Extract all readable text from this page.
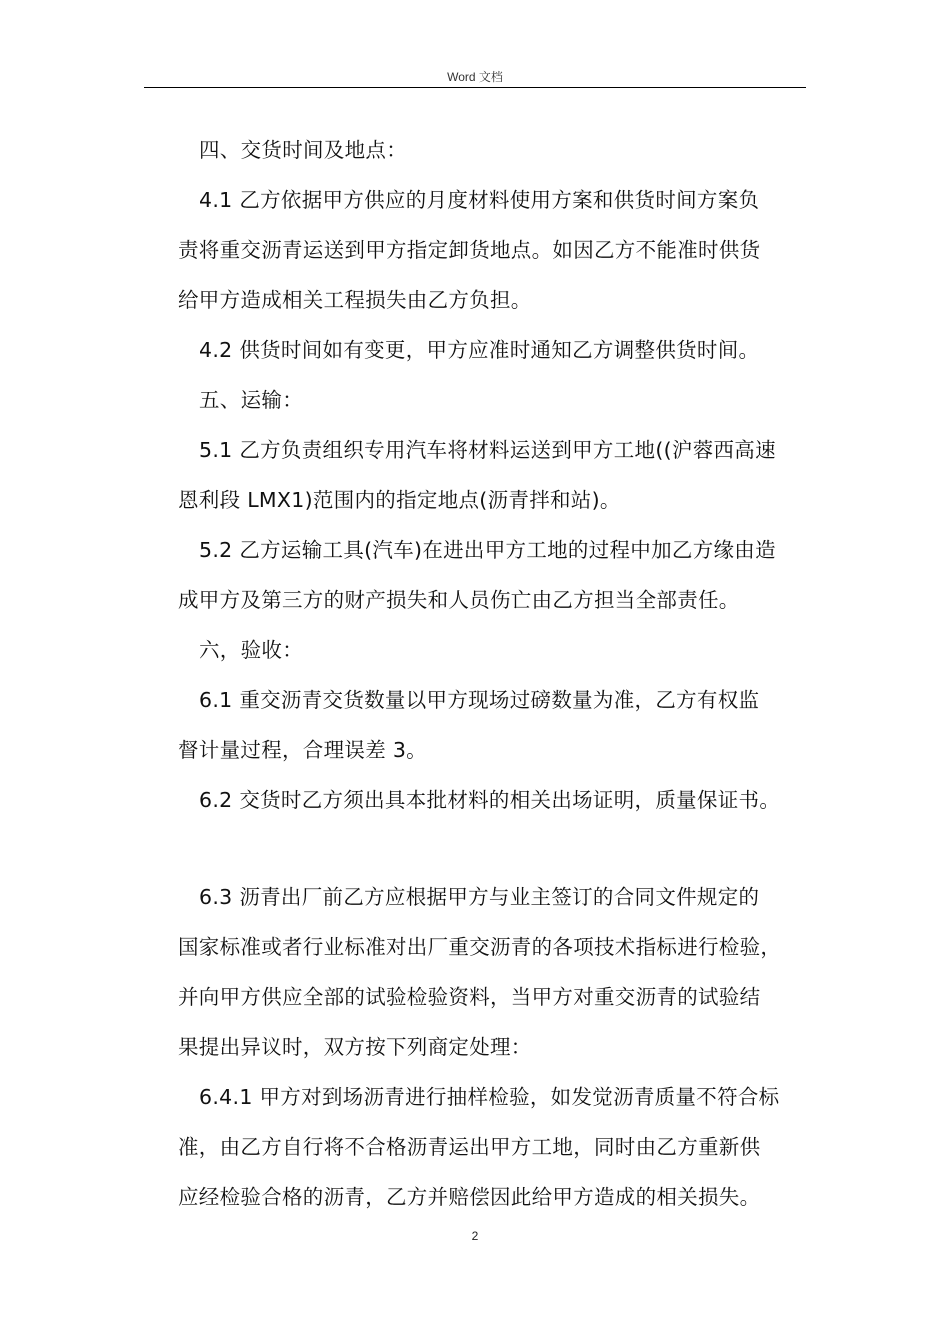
Word 文档
四、交货时间及地点：
4.1 乙方依据甲方供应的月度材料使用方案和供货时间方案负
责将重交沥青运送到甲方指定卸货地点。如因乙方不能准时供货
给甲方造成相关工程损失由乙方负担。
4.2 供货时间如有变更，甲方应准时通知乙方调整供货时间。
五、运输：
5.1 乙方负责组织专用汽车将材料运送到甲方工地((沪蓉西高速
恩利段 LMX1)范围内的指定地点(沥青拌和站)。
5.2 乙方运输工具(汽车)在进出甲方工地的过程中加乙方缘由造
成甲方及第三方的财产损失和人员伤亡由乙方担当全部责任。
六，验收：
6.1 重交沥青交货数量以甲方现场过磅数量为准，乙方有权监
督计量过程，合理误差 3。
6.2 交货时乙方须出具本批材料的相关出场证明，质量保证书。
6.3 沥青出厂前乙方应根据甲方与业主签订的合同文件规定的
国家标准或者行业标准对出厂重交沥青的各项技术指标进行检验，
并向甲方供应全部的试验检验资料，当甲方对重交沥青的试验结
果提出异议时，双方按下列商定处理：
6.4.1 甲方对到场沥青进行抽样检验，如发觉沥青质量不符合标
准，由乙方自行将不合格沥青运出甲方工地，同时由乙方重新供
应经检验合格的沥青，乙方并赔偿因此给甲方造成的相关损失。
2
